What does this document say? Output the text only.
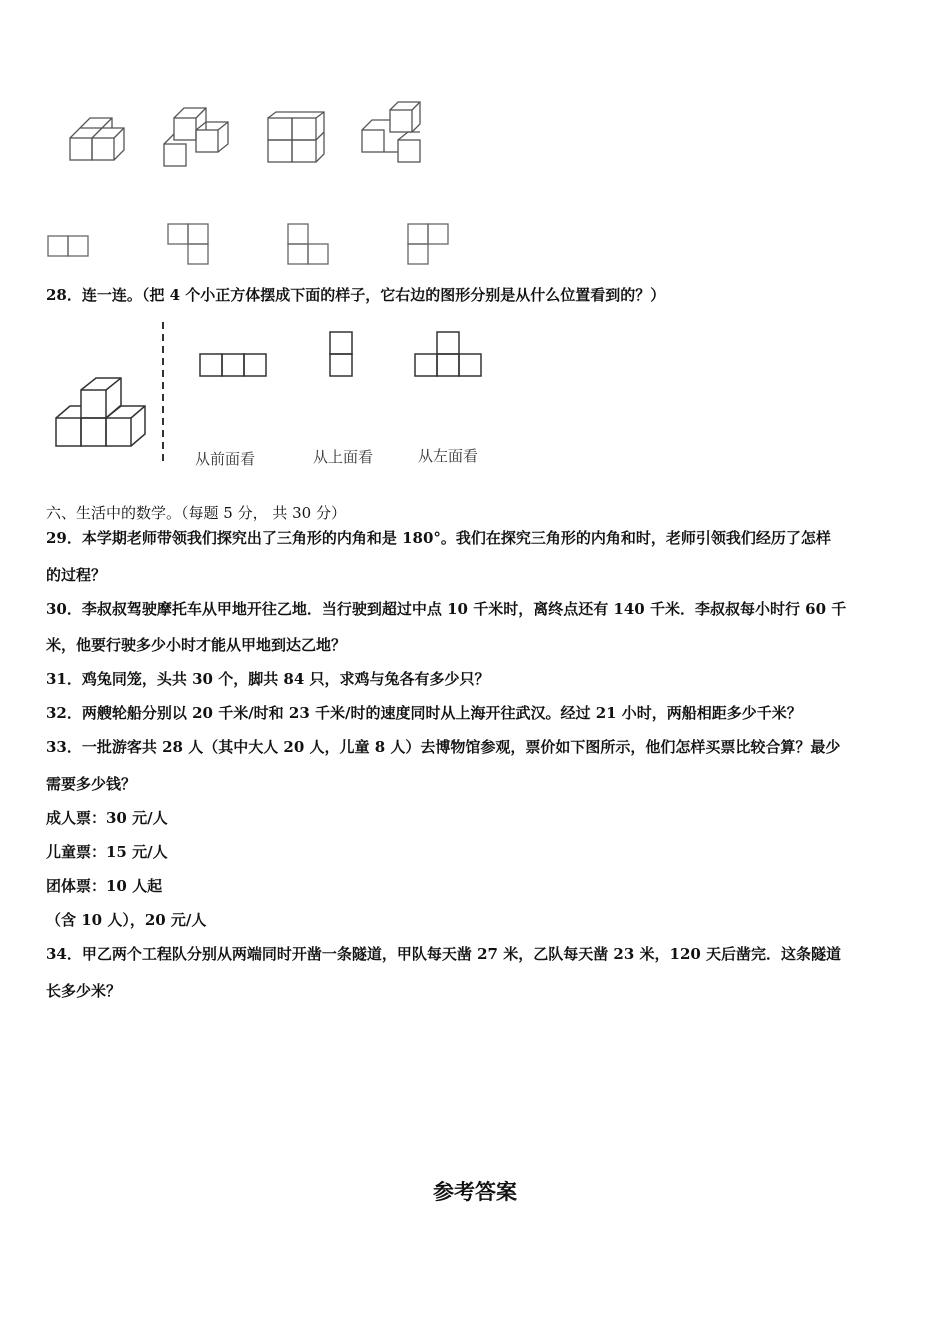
28．连一连。（把 4 个小正方体摆成下面的样子，它右边的图形分别是从什么位置看到的？）
从前面看	从上面看	从左面看
六、生活中的数学。（每题 5 分， 共 30 分）
29．本学期老师带领我们探究出了三角形的内角和是 180°。我们在探究三角形的内角和时，老师引领我们经历了怎样
的过程？
30．李叔叔驾驶摩托车从甲地开往乙地．当行驶到超过中点 10 千米时，离终点还有 140 千米．李叔叔每小时行 60 千
米，他要行驶多少小时才能从甲地到达乙地？
31．鸡兔同笼，头共 30 个，脚共 84 只，求鸡与兔各有多少只？
32．两艘轮船分别以 20 千米/时和 23 千米/时的速度同时从上海开往武汉。经过 21 小时，两船相距多少千米？
33．一批游客共 28 人（其中大人 20 人，儿童 8 人）去博物馆参观，票价如下图所示，他们怎样买票比较合算？最少
需要多少钱？
成人票：30 元/人
儿童票：15 元/人
团体票：10 人起
（含 10 人），20 元/人
34．甲乙两个工程队分别从两端同时开凿一条隧道，甲队每天凿 27 米，乙队每天凿 23 米，120 天后凿完．这条隧道
长多少米？
参考答案
